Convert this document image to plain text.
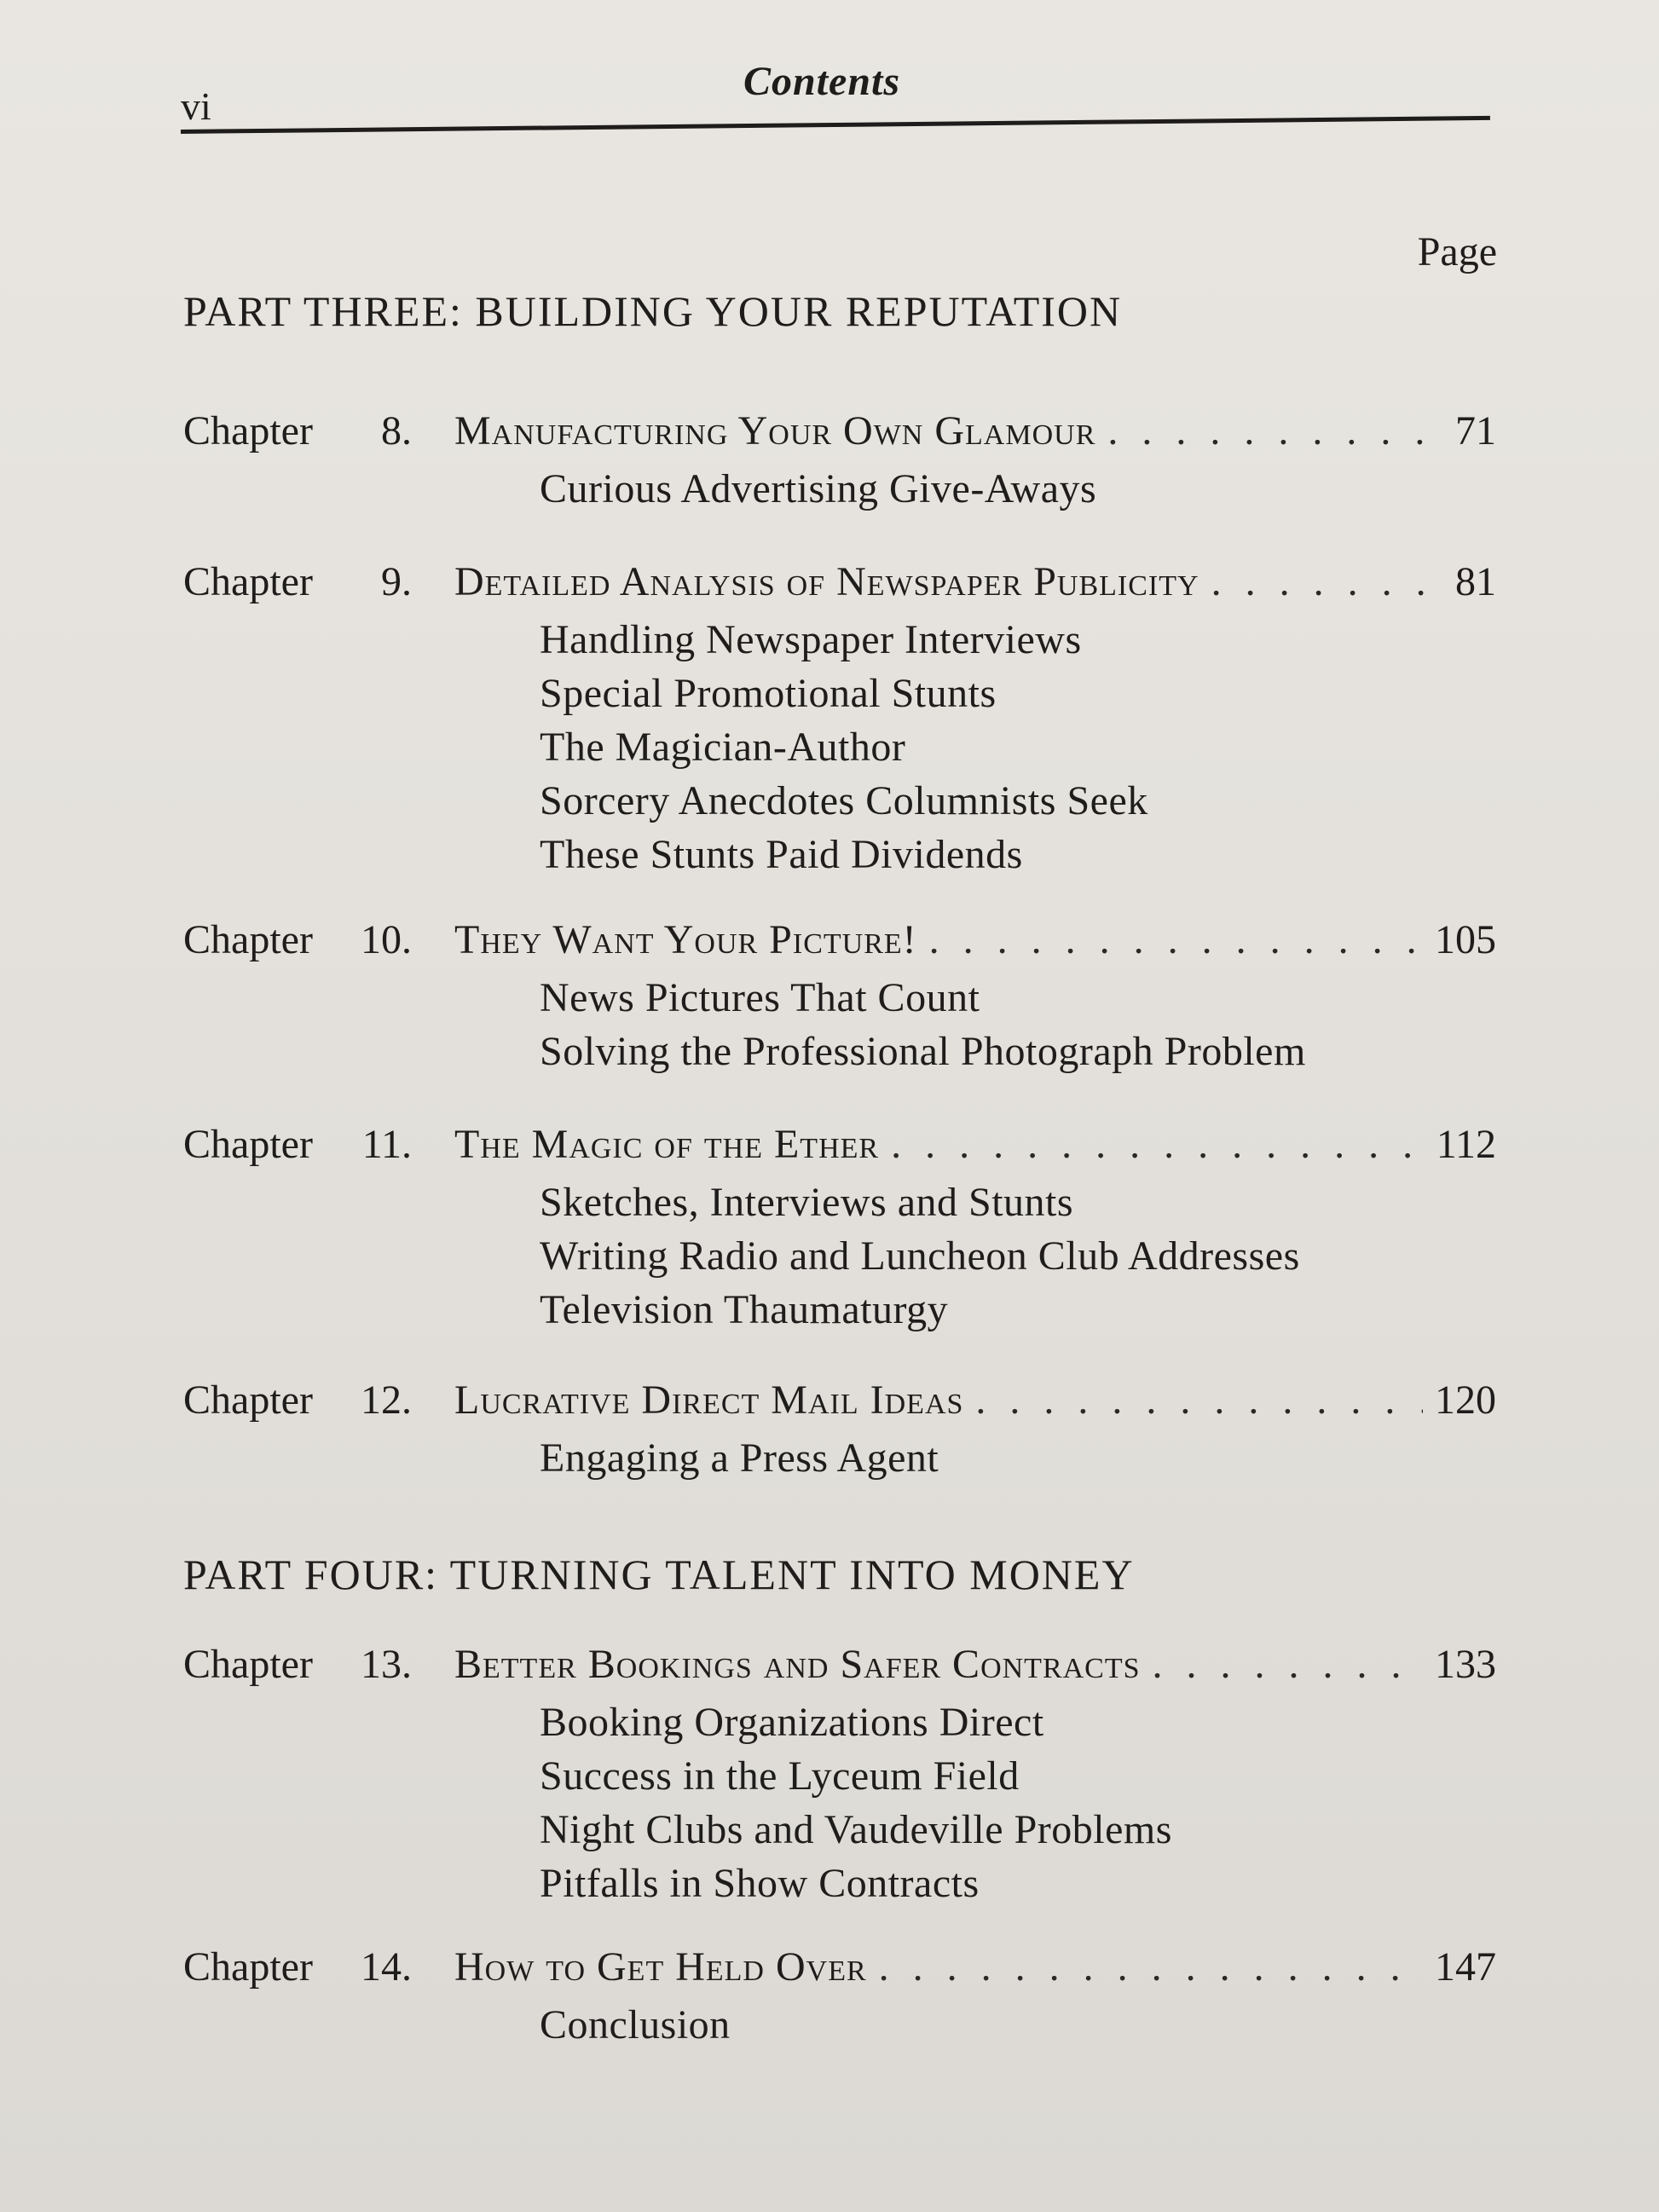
vi
Contents
Page
PART THREE: BUILDING YOUR REPUTATION
Chapter	8. Manufacturing Your Own Glamour . . .	71
Curious Advertising Give-Aways
Chapter	9. Detailed Analysis of Newspaper Publicity . . .	81
Handling Newspaper Interviews
Special Promotional Stunts
The Magician-Author
Sorcery Anecdotes Columnists Seek
These Stunts Paid Dividends
Chapter	10. They Want Your Picture! . . .	105
News Pictures That Count
Solving the Professional Photograph Problem
Chapter	11. The Magic of the Ether . . .	112
Sketches, Interviews and Stunts
Writing Radio and Luncheon Club Addresses
Television Thaumaturgy
Chapter	12. Lucrative Direct Mail Ideas . . .	120
Engaging a Press Agent
PART FOUR: TURNING TALENT INTO MONEY
Chapter	13. Better Bookings and Safer Contracts . . .	133
Booking Organizations Direct
Success in the Lyceum Field
Night Clubs and Vaudeville Problems
Pitfalls in Show Contracts
Chapter	14. How to Get Held Over . . .	147
Conclusion
